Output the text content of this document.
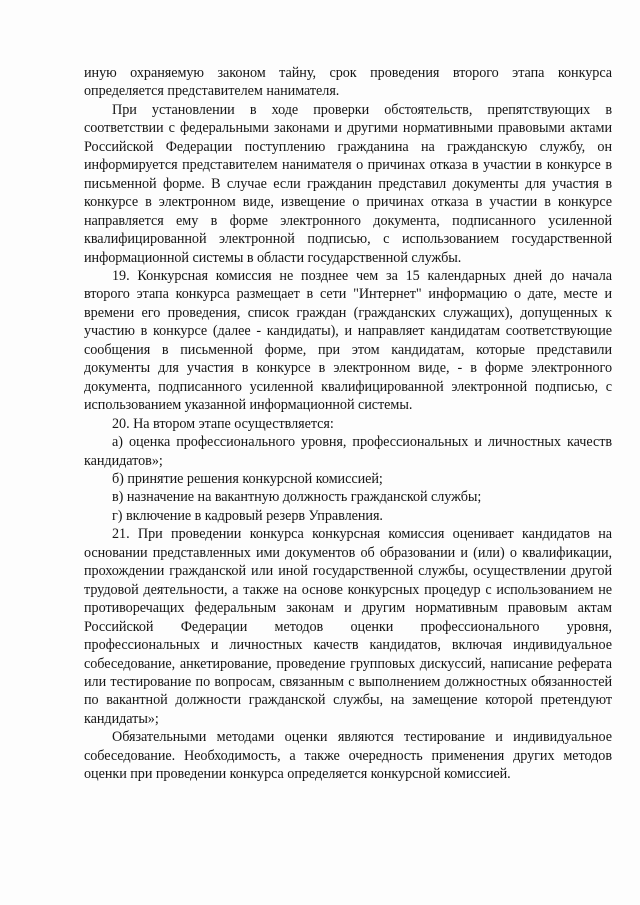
иную охраняемую законом тайну, срок проведения второго этапа конкурса определяется представителем нанимателя.

При установлении в ходе проверки обстоятельств, препятствующих в соответствии с федеральными законами и другими нормативными правовыми актами Российской Федерации поступлению гражданина на гражданскую службу, он информируется представителем нанимателя о причинах отказа в участии в конкурсе в письменной форме. В случае если гражданин представил документы для участия в конкурсе в электронном виде, извещение о причинах отказа в участии в конкурсе направляется ему в форме электронного документа, подписанного усиленной квалифицированной электронной подписью, с использованием государственной информационной системы в области государственной службы.

19. Конкурсная комиссия не позднее чем за 15 календарных дней до начала второго этапа конкурса размещает в сети "Интернет" информацию о дате, месте и времени его проведения, список граждан (гражданских служащих), допущенных к участию в конкурсе (далее - кандидаты), и направляет кандидатам соответствующие сообщения в письменной форме, при этом кандидатам, которые представили документы для участия в конкурсе в электронном виде, - в форме электронного документа, подписанного усиленной квалифицированной электронной подписью, с использованием указанной информационной системы.

20. На втором этапе осуществляется:

а) оценка профессионального уровня, профессиональных и личностных качеств кандидатов»;

б) принятие решения конкурсной комиссией;

в) назначение на вакантную должность гражданской службы;

г) включение в кадровый резерв Управления.

21. При проведении конкурса конкурсная комиссия оценивает кандидатов на основании представленных ими документов об образовании и (или) о квалификации, прохождении гражданской или иной государственной службы, осуществлении другой трудовой деятельности, а также на основе конкурсных процедур с использованием не противоречащих федеральным законам и другим нормативным правовым актам Российской Федерации методов оценки профессионального уровня, профессиональных и личностных качеств кандидатов, включая индивидуальное собеседование, анкетирование, проведение групповых дискуссий, написание реферата или тестирование по вопросам, связанным с выполнением должностных обязанностей по вакантной должности гражданской службы, на замещение которой претендуют кандидаты»;

Обязательными методами оценки являются тестирование и индивидуальное собеседование. Необходимость, а также очередность применения других методов оценки при проведении конкурса определяется конкурсной комиссией.
